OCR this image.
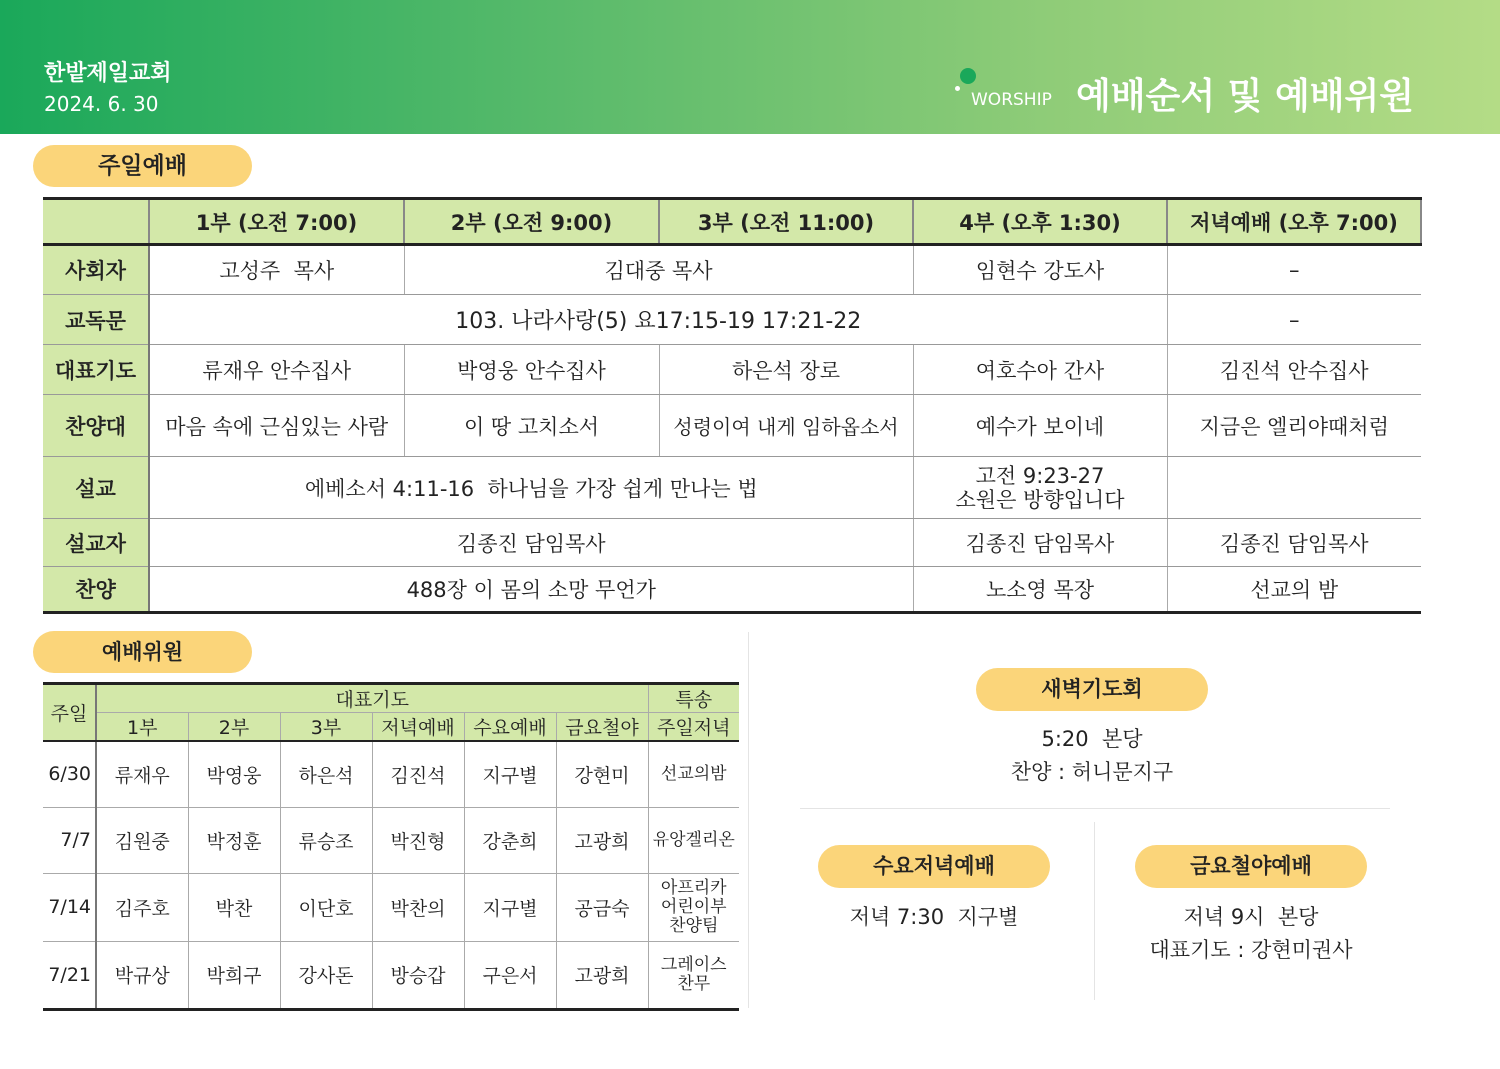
한밭제일교회
2024. 6. 30	WORSHIP 예배순서 및 예배위원
주일예배
	1부 (오전 7:00)	2부 (오전 9:00)	3부 (오전 11:00)	4부 (오후 1:30)	저녁예배 (오후 7:00)
사회자	고성주  목사	김대중 목사		임현수 강도사	–
교독문	103. 나라사랑(5) 요17:15-19 17:21-22				–
대표기도	류재우 안수집사	박영웅 안수집사	하은석 장로	여호수아 간사	김진석 안수집사
찬양대	마음 속에 근심있는 사람	이 땅 고치소서	성령이여 내게 임하옵소서	예수가 보이네	지금은 엘리야때처럼
설교	에베소서 4:11-16  하나님을 가장 쉽게 만나는 법			고전 9:23-27
소원은 방향입니다	

설교자	김종진 담임목사			김종진 담임목사	김종진 담임목사
찬양	488장 이 몸의 소망 무언가			노소영 목장	선교의 밤
예배위원
주일	대표기도						특송
	1부	2부	3부	저녁예배	수요예배	금요철야	주일저녁
6/30	류재우	박영웅	하은석	김진석	지구별	강현미	선교의밤

7/7	김원중	박정훈	류승조	박진형	강춘희	고광희	유앙겔리온

7/14	김주호	박찬	이단호	박찬의	지구별	공금숙	아프리카
어린이부
찬양팀

7/21	박규상	박희구	강사돈	방승갑	구은서	고광희	그레이스
찬무
새벽기도회
5:20  본당
찬양 : 허니문지구
수요저녁예배
저녁 7:30  지구별
금요철야예배
저녁 9시  본당
대표기도 : 강현미권사
